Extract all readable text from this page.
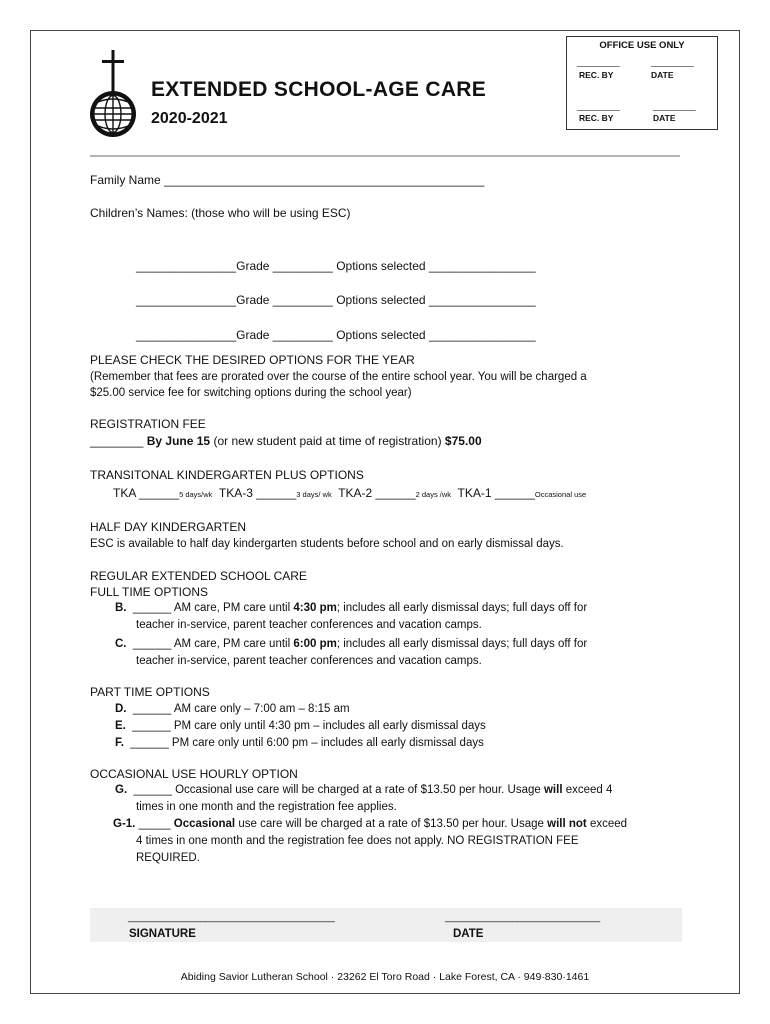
EXTENDED SCHOOL-AGE CARE
2020-2021
OFFICE USE ONLY
__________	__________
REC. BY	DATE
__________	__________
REC. BY	DATE
Family Name ________________________________________________
Children’s Names: (those who will be using ESC)
_______________Grade _________ Options selected ________________
_______________Grade _________ Options selected ________________
_______________Grade _________ Options selected ________________
PLEASE CHECK THE DESIRED OPTIONS FOR THE YEAR
(Remember that fees are prorated over the course of the entire school year. You will be charged a
$25.00 service fee for switching options during the school year)
REGISTRATION FEE
________ By June 15 (or new student paid at time of registration) $75.00
TRANSITONAL KINDERGARTEN PLUS OPTIONS
TKA ______5 days/wk TKA-3 ______3 days/ wk TKA-2 ______2 days /wk TKA-1 ______Occasional use
HALF DAY KINDERGARTEN
ESC is available to half day kindergarten students before school and on early dismissal days.
REGULAR EXTENDED SCHOOL CARE
FULL TIME OPTIONS
B. ______ AM care, PM care until 4:30 pm; includes all early dismissal days; full days off for
teacher in-service, parent teacher conferences and vacation camps.
C. ______ AM care, PM care until 6:00 pm; includes all early dismissal days; full days off for
teacher in-service, parent teacher conferences and vacation camps.
PART TIME OPTIONS
D. ______ AM care only – 7:00 am – 8:15 am
E. ______ PM care only until 4:30 pm – includes all early dismissal days
F. ______ PM care only until 6:00 pm – includes all early dismissal days
OCCASIONAL USE HOURLY OPTION
G. ______ Occasional use care will be charged at a rate of $13.50 per hour. Usage will exceed 4
times in one month and the registration fee applies.
G-1. _____ Occasional use care will be charged at a rate of $13.50 per hour. Usage will not exceed
4 times in one month and the registration fee does not apply. NO REGISTRATION FEE
REQUIRED.
________________________________________
SIGNATURE
______________________________
DATE
Abiding Savior Lutheran School · 23262 El Toro Road · Lake Forest, CA · 949·830·1461
